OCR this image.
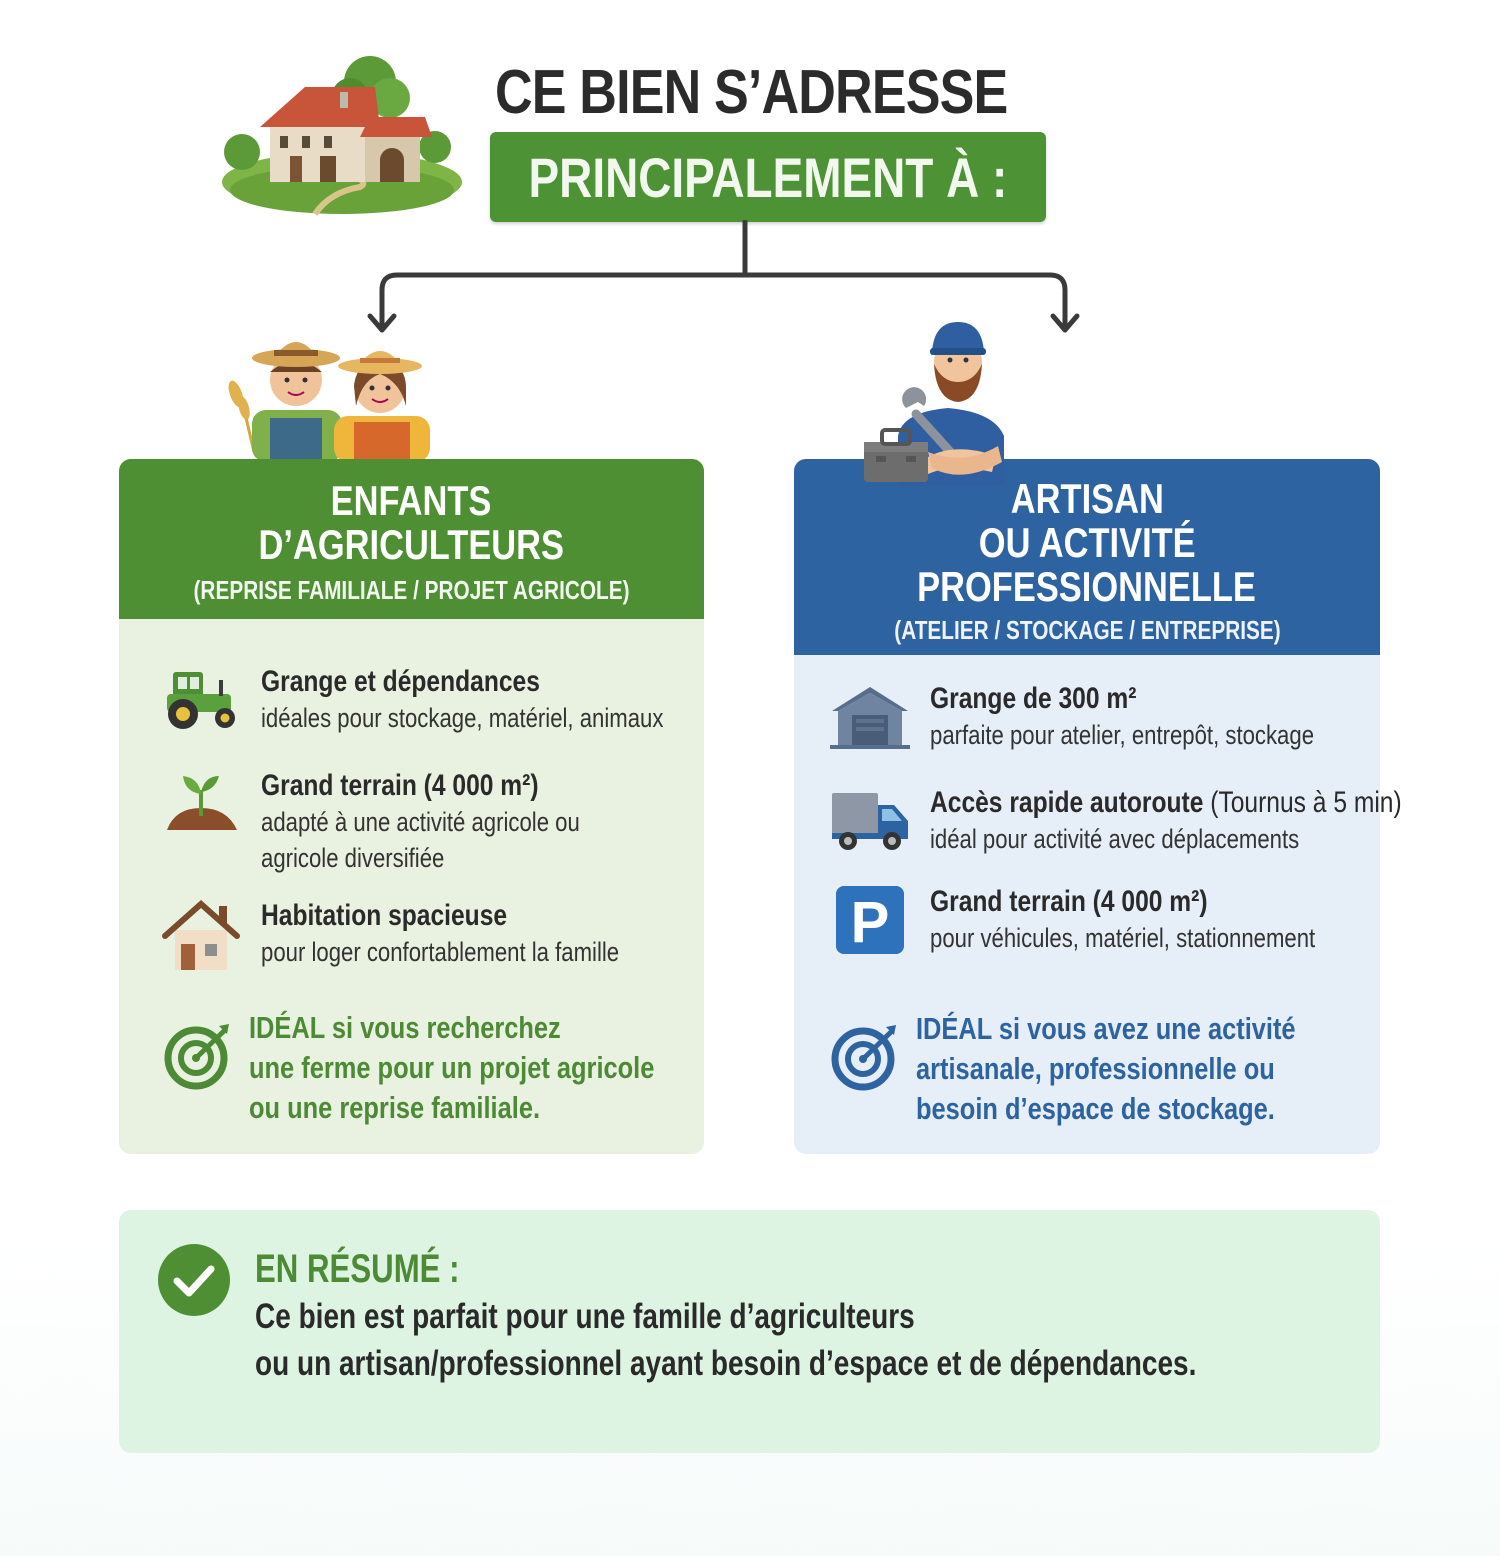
CE BIEN S’ADRESSE
PRINCIPALEMENT À :
ENFANTS
D’AGRICULTEURS
(REPRISE FAMILIALE / PROJET AGRICOLE)
Grange et dépendances
idéales pour stockage, matériel, animaux
Grand terrain (4 000 m²)
adapté à une activité agricole ou
agricole diversifiée
Habitation spacieuse
pour loger confortablement la famille
IDÉAL si vous recherchez
une ferme pour un projet agricole
ou une reprise familiale.
ARTISAN
OU ACTIVITÉ
PROFESSIONNELLE
(ATELIER / STOCKAGE / ENTREPRISE)
Grange de 300 m²
parfaite pour atelier, entrepôt, stockage
Accès rapide autoroute (Tournus à 5 min)
idéal pour activité avec déplacements
P Grand terrain (4 000 m²)
pour véhicules, matériel, stationnement
IDÉAL si vous avez une activité
artisanale, professionnelle ou
besoin d’espace de stockage.
EN RÉSUMÉ :
Ce bien est parfait pour une famille d’agriculteurs
ou un artisan/professionnel ayant besoin d’espace et de dépendances.
